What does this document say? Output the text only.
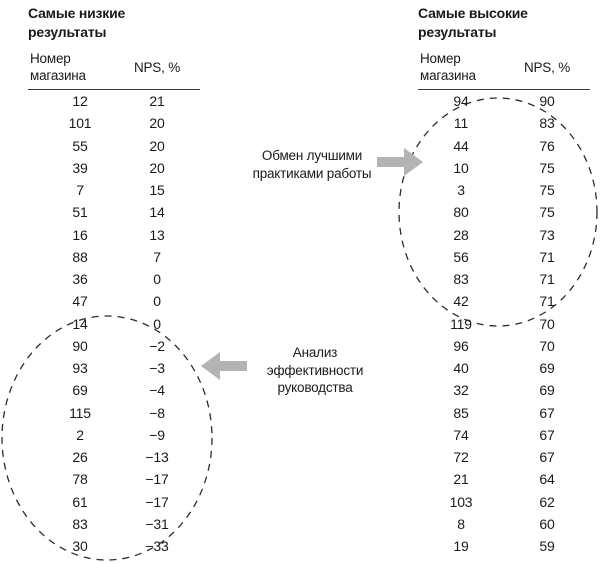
Самые низкие
результаты
Номер
магазина
NPS, %
12	21
101	20
55	20
39	20
7	15
51	14
16	13
88	7
36	0
47	0
14	0
90	−2
93	−3
69	−4
115	−8
2	−9
26	−13
78	−17
61	−17
83	−31
30	−33
Самые высокие
результаты
Номер
магазина
NPS, %
94	90
11	83
44	76
10	75
3	75
80	75
28	73
56	71
83	71
42	71
119	70
96	70
40	69
32	69
85	67
74	67
72	67
21	64
103	62
8	60
19	59
Обмен лучшими
практиками работы
Анализ эффективности
руководства
